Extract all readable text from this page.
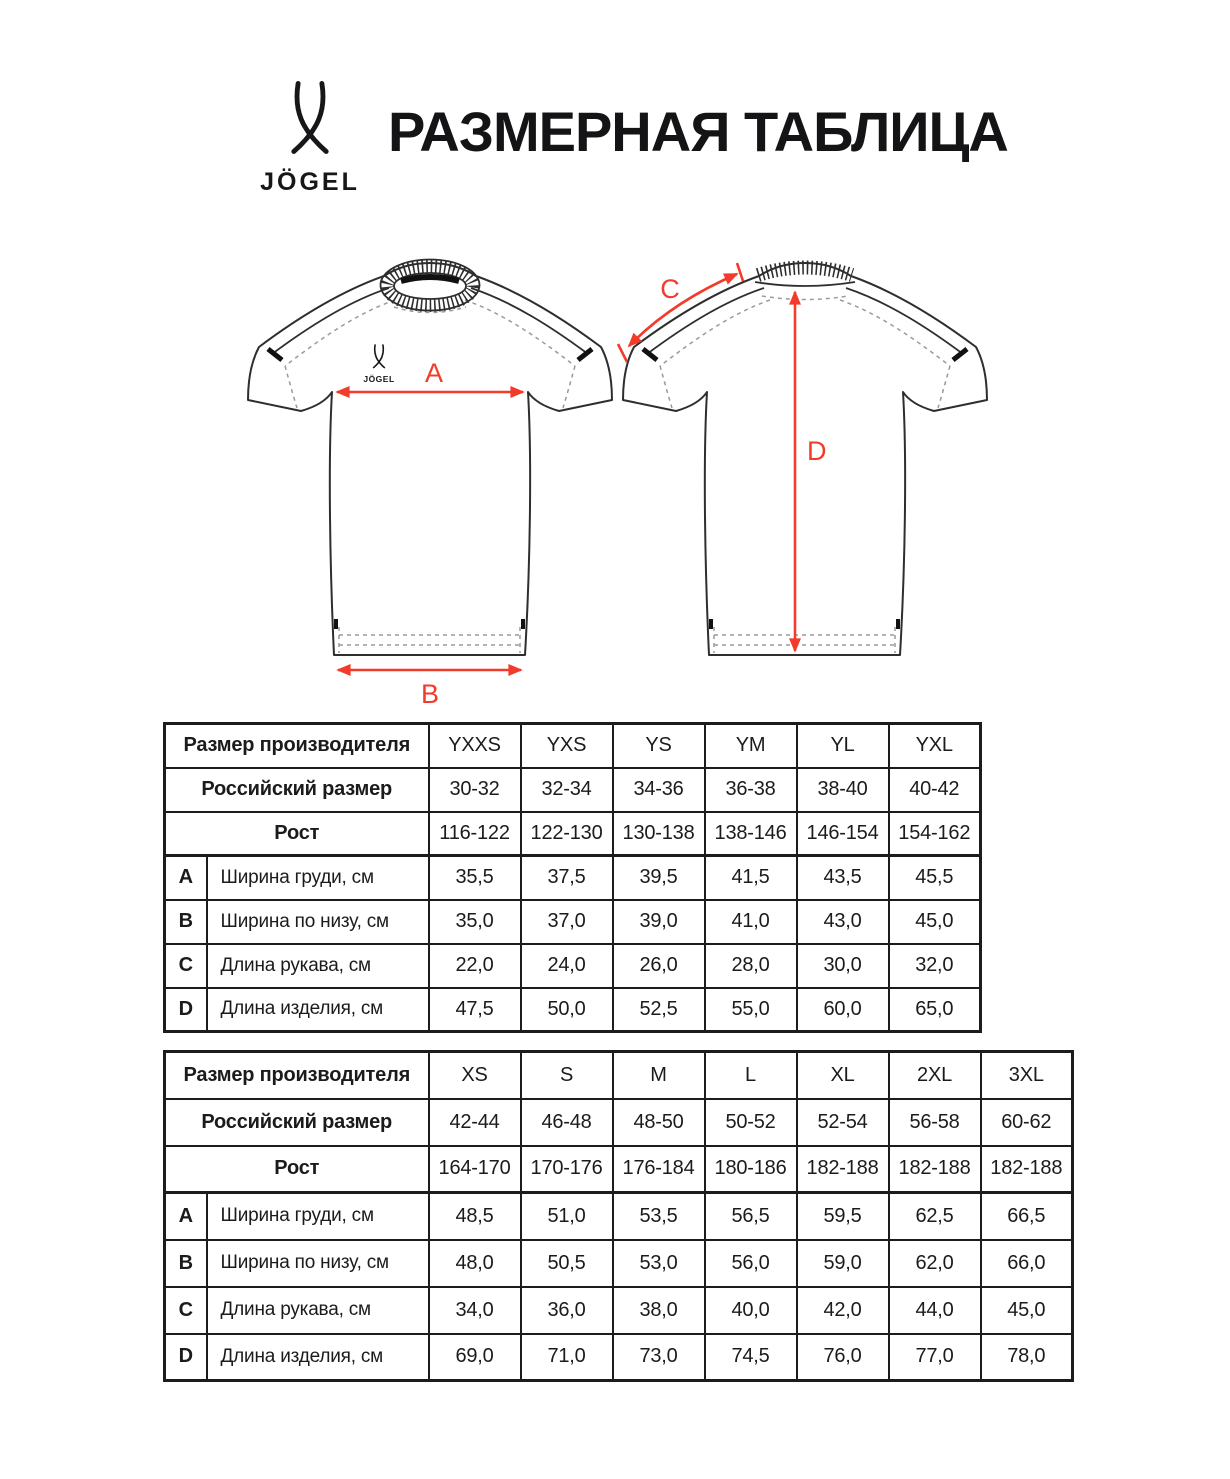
JÖGEL
РАЗМЕРНАЯ ТАБЛИЦА
JÖGEL A
B
C
D
Размер производителя		YXXS	YXS	YS	YM	YL	YXL
Российский размер		30-32	32-34	34-36	36-38	38-40	40-42
Рост		116-122	122-130	130-138	138-146	146-154	154-162
A	Ширина груди, см	35,5	37,5	39,5	41,5	43,5	45,5
B	Ширина по низу, см	35,0	37,0	39,0	41,0	43,0	45,0
C	Длина рукава, см	22,0	24,0	26,0	28,0	30,0	32,0
D	Длина изделия, см	47,5	50,0	52,5	55,0	60,0	65,0
Размер производителя		XS	S	M	L	XL	2XL	3XL
Российский размер		42-44	46-48	48-50	50-52	52-54	56-58	60-62
Рост		164-170	170-176	176-184	180-186	182-188	182-188	182-188
A	Ширина груди, см	48,5	51,0	53,5	56,5	59,5	62,5	66,5
B	Ширина по низу, см	48,0	50,5	53,0	56,0	59,0	62,0	66,0
C	Длина рукава, см	34,0	36,0	38,0	40,0	42,0	44,0	45,0
D	Длина изделия, см	69,0	71,0	73,0	74,5	76,0	77,0	78,0
